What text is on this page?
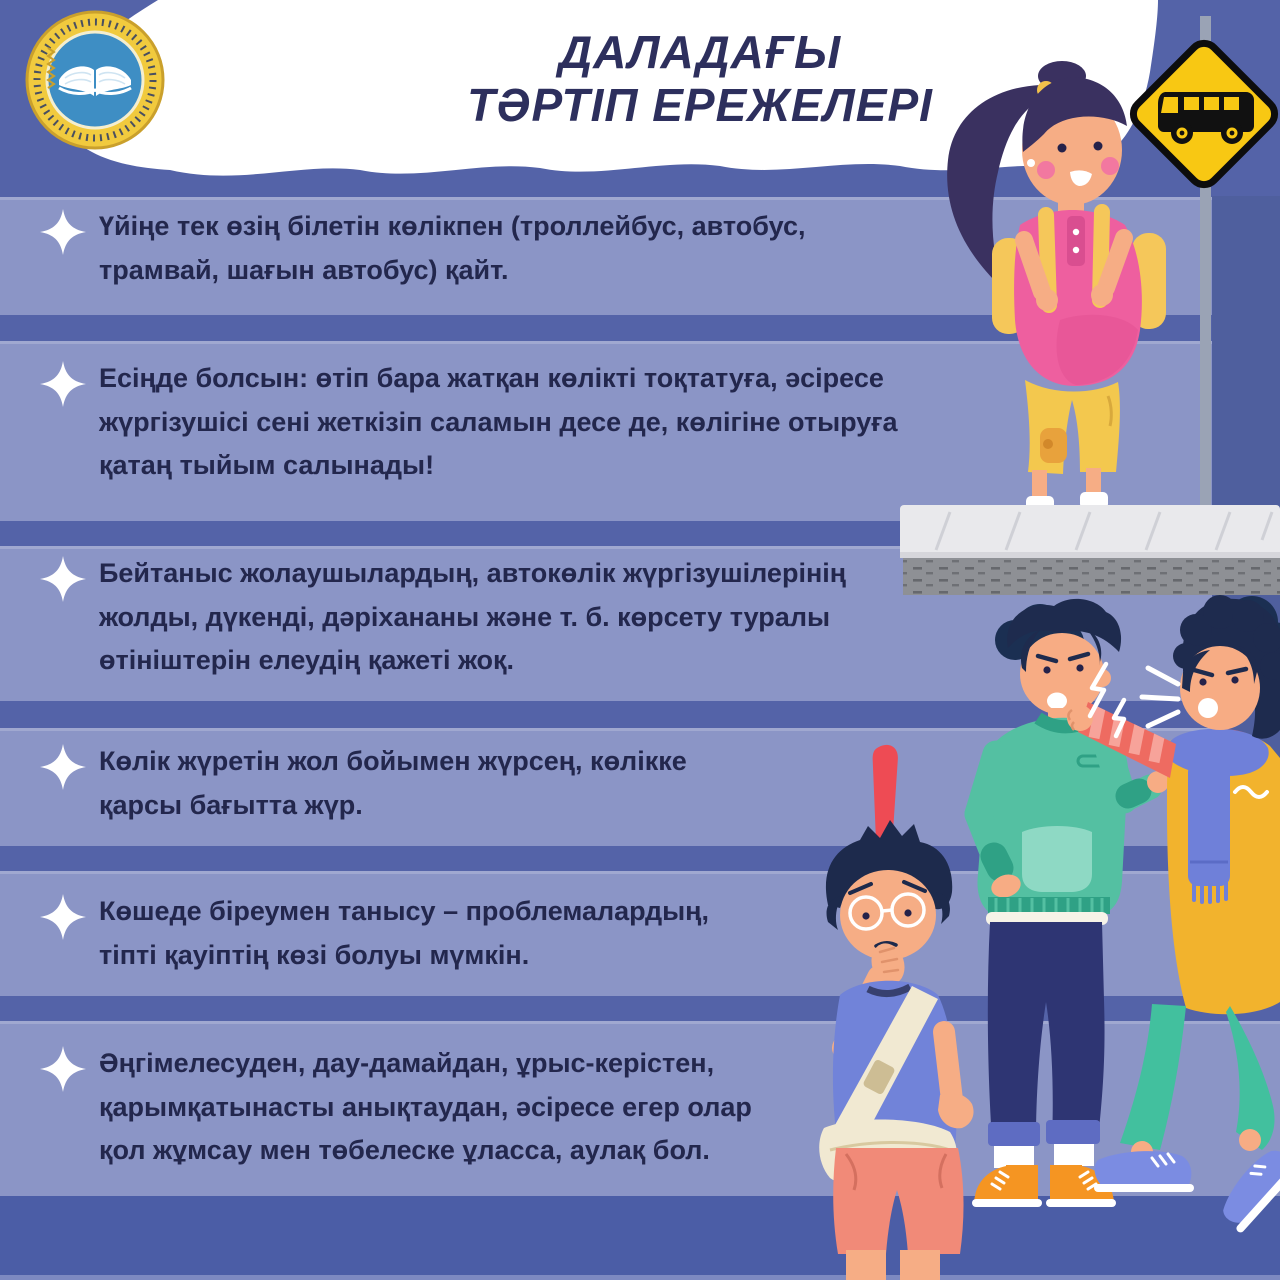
ДАЛАДАҒЫ
ТӘРТІП ЕРЕЖЕЛЕРІ

Үйіңе тек өзің білетін көлікпен (троллейбус, автобус, трамвай, шағын автобус) қайт.

Есіңде болсын: өтіп бара жатқан көлікті тоқтатуға, әсіресе жүргізушісі сені жеткізіп саламын десе де, көлігіне отыруға қатаң тыйым салынады!

Бейтаныс жолаушылардың, автокөлік жүргізушілерінің жолды, дүкенді, дәріхананы және т. б. көрсету туралы өтініштерін елеудің қажеті жоқ.

Көлік жүретін жол бойымен жүрсең, көлікке қарсы бағытта жүр.

Көшеде біреумен танысу – проблемалардың, тіпті қауіптің көзі болуы мүмкін.

Әңгімелесуден, дау-дамайдан, ұрыс-керістен, қарымқатынасты анықтаудан, әсіресе егер олар қол жұмсау мен төбелеске ұласса, аулақ бол.
